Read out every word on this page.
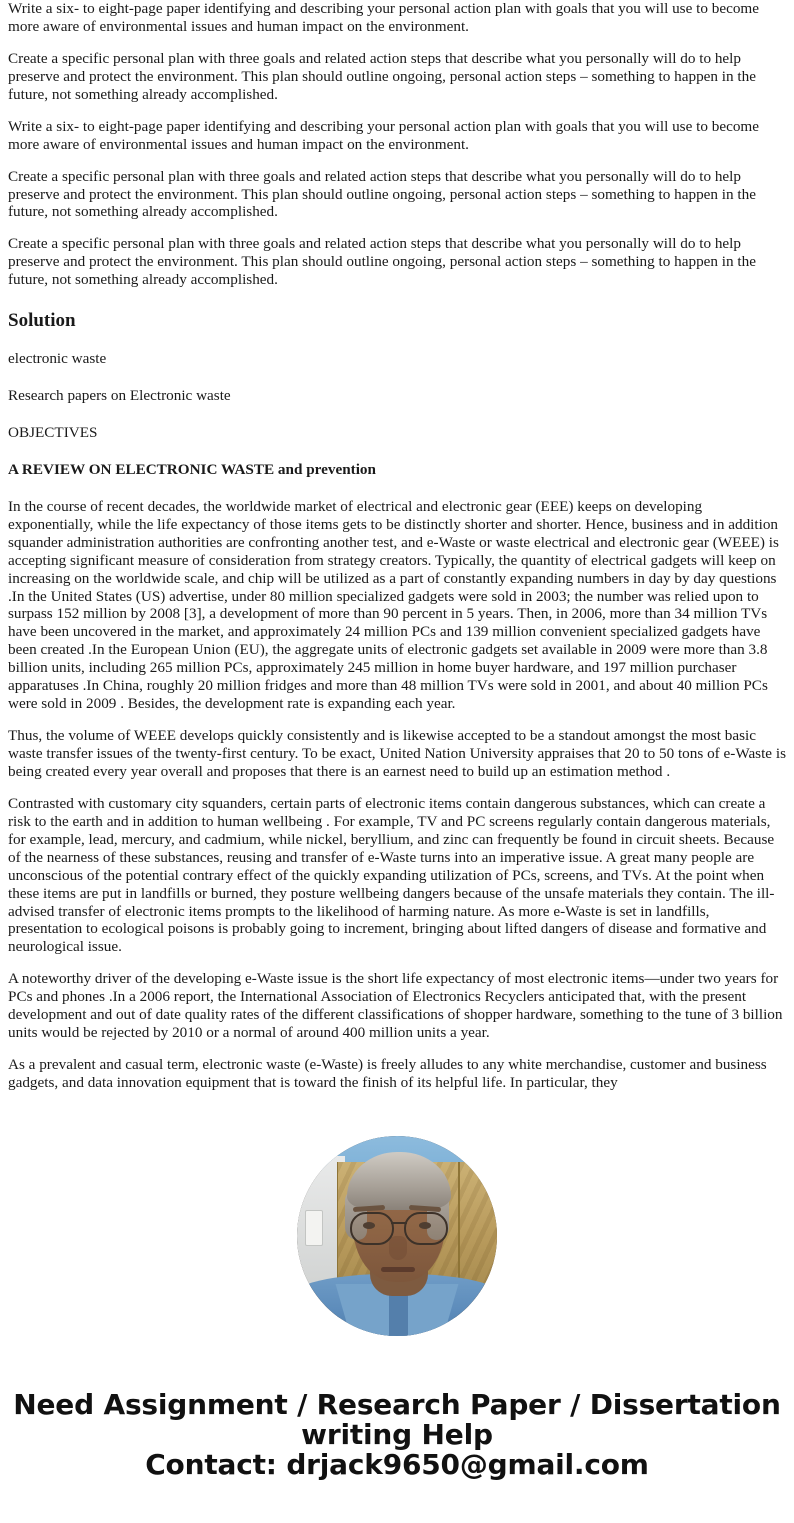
Write a six- to eight-page paper identifying and describing your personal action plan with goals that you will use to become more aware of environmental issues and human impact on the environment.

Create a specific personal plan with three goals and related action steps that describe what you personally will do to help preserve and protect the environment. This plan should outline ongoing, personal action steps – something to happen in the future, not something already accomplished.

Write a six- to eight-page paper identifying and describing your personal action plan with goals that you will use to become more aware of environmental issues and human impact on the environment.

Create a specific personal plan with three goals and related action steps that describe what you personally will do to help preserve and protect the environment. This plan should outline ongoing, personal action steps – something to happen in the future, not something already accomplished.

Create a specific personal plan with three goals and related action steps that describe what you personally will do to help preserve and protect the environment. This plan should outline ongoing, personal action steps – something to happen in the future, not something already accomplished.

Solution
electronic waste
Research papers on Electronic waste
OBJECTIVES
A REVIEW ON ELECTRONIC WASTE and prevention

In the course of recent decades, the worldwide market of electrical and electronic gear (EEE) keeps on developing exponentially, while the life expectancy of those items gets to be distinctly shorter and shorter. Hence, business and in addition squander administration authorities are confronting another test, and e-Waste or waste electrical and electronic gear (WEEE) is accepting significant measure of consideration from strategy creators. Typically, the quantity of electrical gadgets will keep on increasing on the worldwide scale, and chip will be utilized as a part of constantly expanding numbers in day by day questions .In the United States (US) advertise, under 80 million specialized gadgets were sold in 2003; the number was relied upon to surpass 152 million by 2008 [3], a development of more than 90 percent in 5 years. Then, in 2006, more than 34 million TVs have been uncovered in the market, and approximately 24 million PCs and 139 million convenient specialized gadgets have been created .In the European Union (EU), the aggregate units of electronic gadgets set available in 2009 were more than 3.8 billion units, including 265 million PCs, approximately 245 million in home buyer hardware, and 197 million purchaser apparatuses .In China, roughly 20 million fridges and more than 48 million TVs were sold in 2001, and about 40 million PCs were sold in 2009 . Besides, the development rate is expanding each year.

Thus, the volume of WEEE develops quickly consistently and is likewise accepted to be a standout amongst the most basic waste transfer issues of the twenty-first century. To be exact, United Nation University appraises that 20 to 50 tons of e-Waste is being created every year overall and proposes that there is an earnest need to build up an estimation method .

Contrasted with customary city squanders, certain parts of electronic items contain dangerous substances, which can create a risk to the earth and in addition to human wellbeing . For example, TV and PC screens regularly contain dangerous materials, for example, lead, mercury, and cadmium, while nickel, beryllium, and zinc can frequently be found in circuit sheets. Because of the nearness of these substances, reusing and transfer of e-Waste turns into an imperative issue. A great many people are unconscious of the potential contrary effect of the quickly expanding utilization of PCs, screens, and TVs. At the point when these items are put in landfills or burned, they posture wellbeing dangers because of the unsafe materials they contain. The ill-advised transfer of electronic items prompts to the likelihood of harming nature. As more e-Waste is set in landfills, presentation to ecological poisons is probably going to increment, bringing about lifted dangers of disease and formative and neurological issue.

A noteworthy driver of the developing e-Waste issue is the short life expectancy of most electronic items—under two years for PCs and phones .In a 2006 report, the International Association of Electronics Recyclers anticipated that, with the present development and out of date quality rates of the different classifications of shopper hardware, something to the tune of 3 billion units would be rejected by 2010 or a normal of around 400 million units a year.

As a prevalent and casual term, electronic waste (e-Waste) is freely alludes to any white merchandise, customer and business gadgets, and data innovation equipment that is toward the finish of its helpful life. In particular, they

Need Assignment / Research Paper / Dissertation writing Help
Contact: drjack9650@gmail.com
